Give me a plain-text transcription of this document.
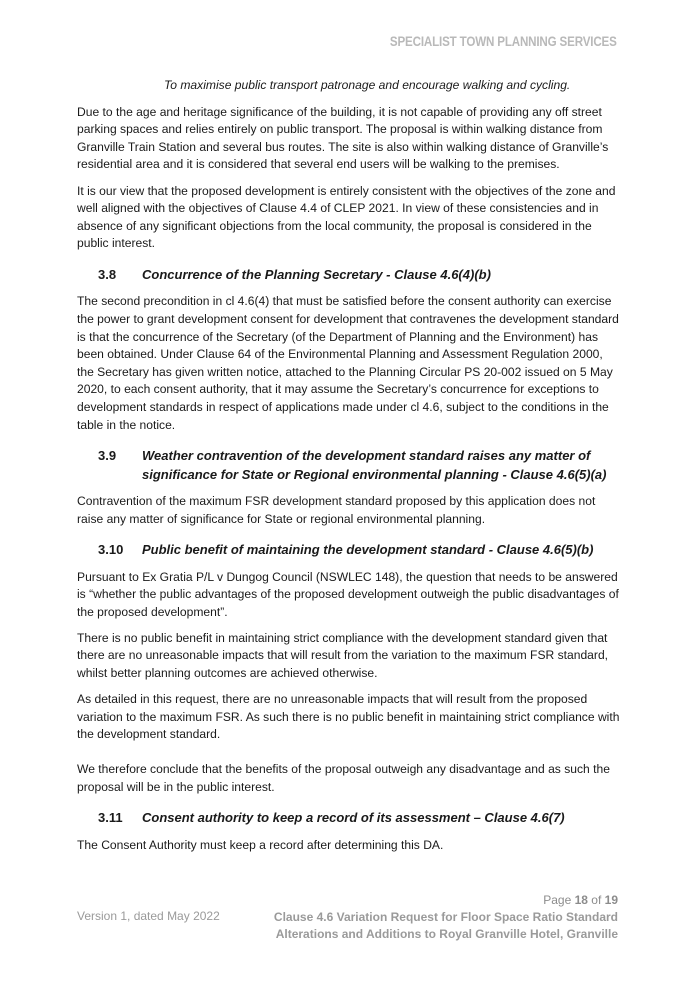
SPECIALIST TOWN PLANNING SERVICES

To maximise public transport patronage and encourage walking and cycling.

Due to the age and heritage significance of the building, it is not capable of providing any off street parking spaces and relies entirely on public transport. The proposal is within walking distance from Granville Train Station and several bus routes. The site is also within walking distance of Granville’s residential area and it is considered that several end users will be walking to the premises.

It is our view that the proposed development is entirely consistent with the objectives of the zone and well aligned with the objectives of Clause 4.4 of CLEP 2021. In view of these consistencies and in absence of any significant objections from the local community, the proposal is considered in the public interest.

3.8	Concurrence of the Planning Secretary - Clause 4.6(4)(b)

The second precondition in cl 4.6(4) that must be satisfied before the consent authority can exercise the power to grant development consent for development that contravenes the development standard is that the concurrence of the Secretary (of the Department of Planning and the Environment) has been obtained. Under Clause 64 of the Environmental Planning and Assessment Regulation 2000, the Secretary has given written notice, attached to the Planning Circular PS 20-002 issued on 5 May 2020, to each consent authority, that it may assume the Secretary’s concurrence for exceptions to development standards in respect of applications made under cl 4.6, subject to the conditions in the table in the notice.

3.9	Weather contravention of the development standard raises any matter of significance for State or Regional environmental planning - Clause 4.6(5)(a)

Contravention of the maximum FSR development standard proposed by this application does not raise any matter of significance for State or regional environmental planning.

3.10	Public benefit of maintaining the development standard - Clause 4.6(5)(b)

Pursuant to Ex Gratia P/L v Dungog Council (NSWLEC 148), the question that needs to be answered is “whether the public advantages of the proposed development outweigh the public disadvantages of the proposed development”.

There is no public benefit in maintaining strict compliance with the development standard given that there are no unreasonable impacts that will result from the variation to the maximum FSR standard, whilst better planning outcomes are achieved otherwise.

As detailed in this request, there are no unreasonable impacts that will result from the proposed variation to the maximum FSR. As such there is no public benefit in maintaining strict compliance with the development standard.

We therefore conclude that the benefits of the proposal outweigh any disadvantage and as such the proposal will be in the public interest.

3.11	Consent authority to keep a record of its assessment – Clause 4.6(7)

The Consent Authority must keep a record after determining this DA.

Page 18 of 19
Version 1, dated May 2022	Clause 4.6 Variation Request for Floor Space Ratio Standard
Alterations and Additions to Royal Granville Hotel, Granville
